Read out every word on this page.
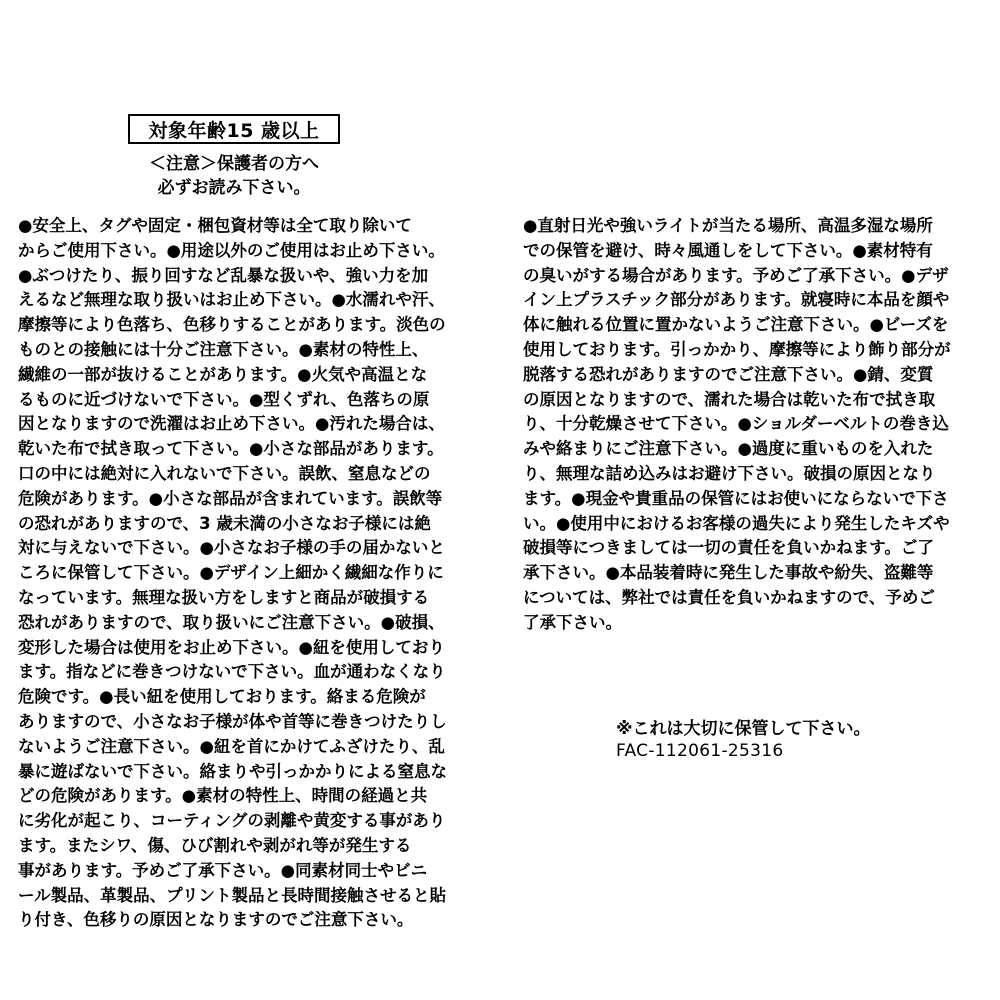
対象年齢15 歳以上
＜注意＞保護者の方へ
必ずお読み下さい。
●安全上、タグや固定・梱包資材等は全て取り除いて
からご使用下さい。●用途以外のご使用はお止め下さい。
●ぶつけたり、振り回すなど乱暴な扱いや、強い力を加
えるなど無理な取り扱いはお止め下さい。●水濡れや汗、
摩擦等により色落ち、色移りすることがあります。淡色の
ものとの接触には十分ご注意下さい。●素材の特性上、
繊維の一部が抜けることがあります。●火気や高温とな
るものに近づけないで下さい。●型くずれ、色落ちの原
因となりますので洗濯はお止め下さい。●汚れた場合は、
乾いた布で拭き取って下さい。●小さな部品があります。
口の中には絶対に入れないで下さい。誤飲、窒息などの
危険があります。●小さな部品が含まれています。誤飲等
の恐れがありますので、3 歳未満の小さなお子様には絶
対に与えないで下さい。●小さなお子様の手の届かないと
ころに保管して下さい。●デザイン上細かく繊細な作りに
なっています。無理な扱い方をしますと商品が破損する
恐れがありますので、取り扱いにご注意下さい。●破損、
変形した場合は使用をお止め下さい。●紐を使用しており
ます。指などに巻きつけないで下さい。血が通わなくなり
危険です。●長い紐を使用しております。絡まる危険が
ありますので、小さなお子様が体や首等に巻きつけたりし
ないようご注意下さい。●紐を首にかけてふざけたり、乱
暴に遊ばないで下さい。絡まりや引っかかりによる窒息な
どの危険があります。●素材の特性上、時間の経過と共
に劣化が起こり、コーティングの剥離や黄変する事があり
ます。またシワ、傷、ひび割れや剥がれ等が発生する
事があります。予めご了承下さい。●同素材同士やビニ
ール製品、革製品、プリント製品と長時間接触させると貼
り付き、色移りの原因となりますのでご注意下さい。
●直射日光や強いライトが当たる場所、高温多湿な場所
での保管を避け、時々風通しをして下さい。●素材特有
の臭いがする場合があります。予めご了承下さい。●デザ
イン上プラスチック部分があります。就寝時に本品を顔や
体に触れる位置に置かないようご注意下さい。●ビーズを
使用しております。引っかかり、摩擦等により飾り部分が
脱落する恐れがありますのでご注意下さい。●錆、変質
の原因となりますので、濡れた場合は乾いた布で拭き取
り、十分乾燥させて下さい。●ショルダーベルトの巻き込
みや絡まりにご注意下さい。●過度に重いものを入れた
り、無理な詰め込みはお避け下さい。破損の原因となり
ます。●現金や貴重品の保管にはお使いにならないで下さ
い。●使用中におけるお客様の過失により発生したキズや
破損等につきましては一切の責任を負いかねます。ご了
承下さい。●本品装着時に発生した事故や紛失、盗難等
については、弊社では責任を負いかねますので、予めご
了承下さい。
※これは大切に保管して下さい。
FAC-112061-25316
